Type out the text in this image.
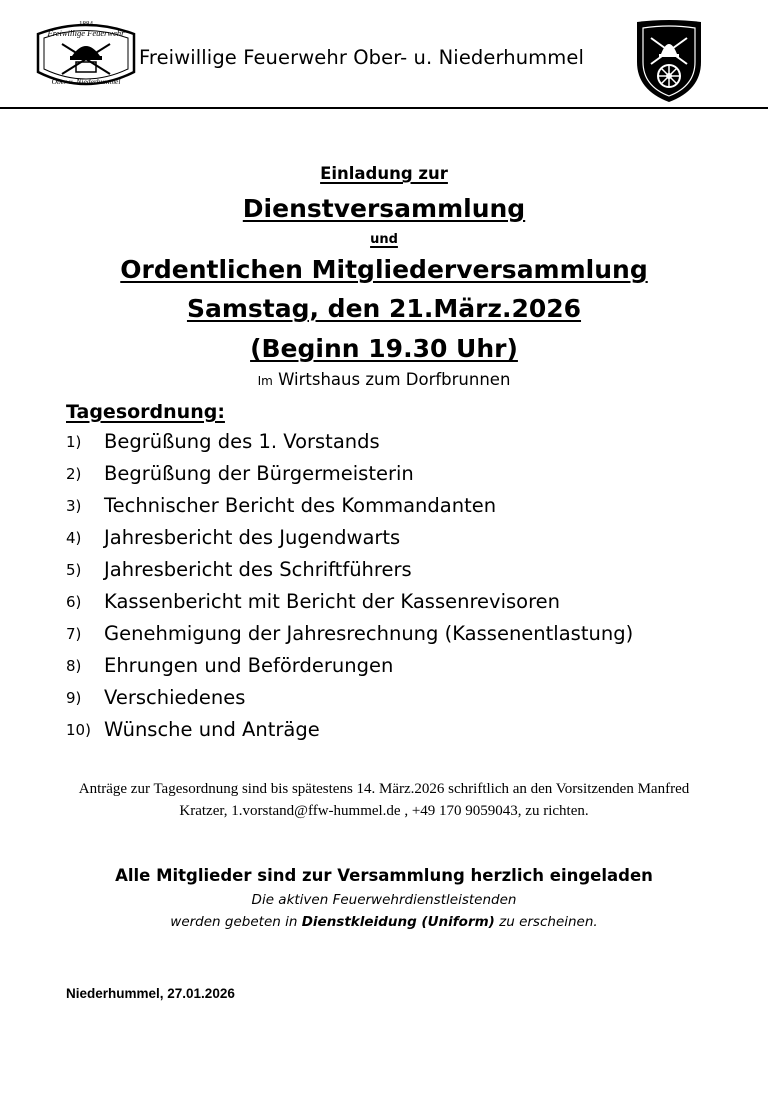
1884
Freiwillige Feuerwehr
Ober u. Niederhummel
Freiwillige Feuerwehr Ober- u. Niederhummel
Einladung zur
Dienstversammlung
und
Ordentlichen Mitgliederversammlung
Samstag, den 21.März.2026
(Beginn 19.30 Uhr)
Im Wirtshaus zum Dorfbrunnen
Tagesordnung:
1)	Begrüßung des 1. Vorstands
2)	Begrüßung der Bürgermeisterin
3)	Technischer Bericht des Kommandanten
4)	Jahresbericht des Jugendwarts
5)	Jahresbericht des Schriftführers
6)	Kassenbericht mit Bericht der Kassenrevisoren
7)	Genehmigung der Jahresrechnung (Kassenentlastung)
8)	Ehrungen und Beförderungen
9)	Verschiedenes
10) Wünsche und Anträge
Anträge zur Tagesordnung sind bis spätestens 14. März.2026 schriftlich an den Vorsitzenden Manfred Kratzer, 1.vorstand@ffw-hummel.de , +49 170 9059043, zu richten.
Alle Mitglieder sind zur Versammlung herzlich eingeladen
Die aktiven Feuerwehrdienstleistenden
werden gebeten in Dienstkleidung (Uniform) zu erscheinen.
Niederhummel, 27.01.2026
